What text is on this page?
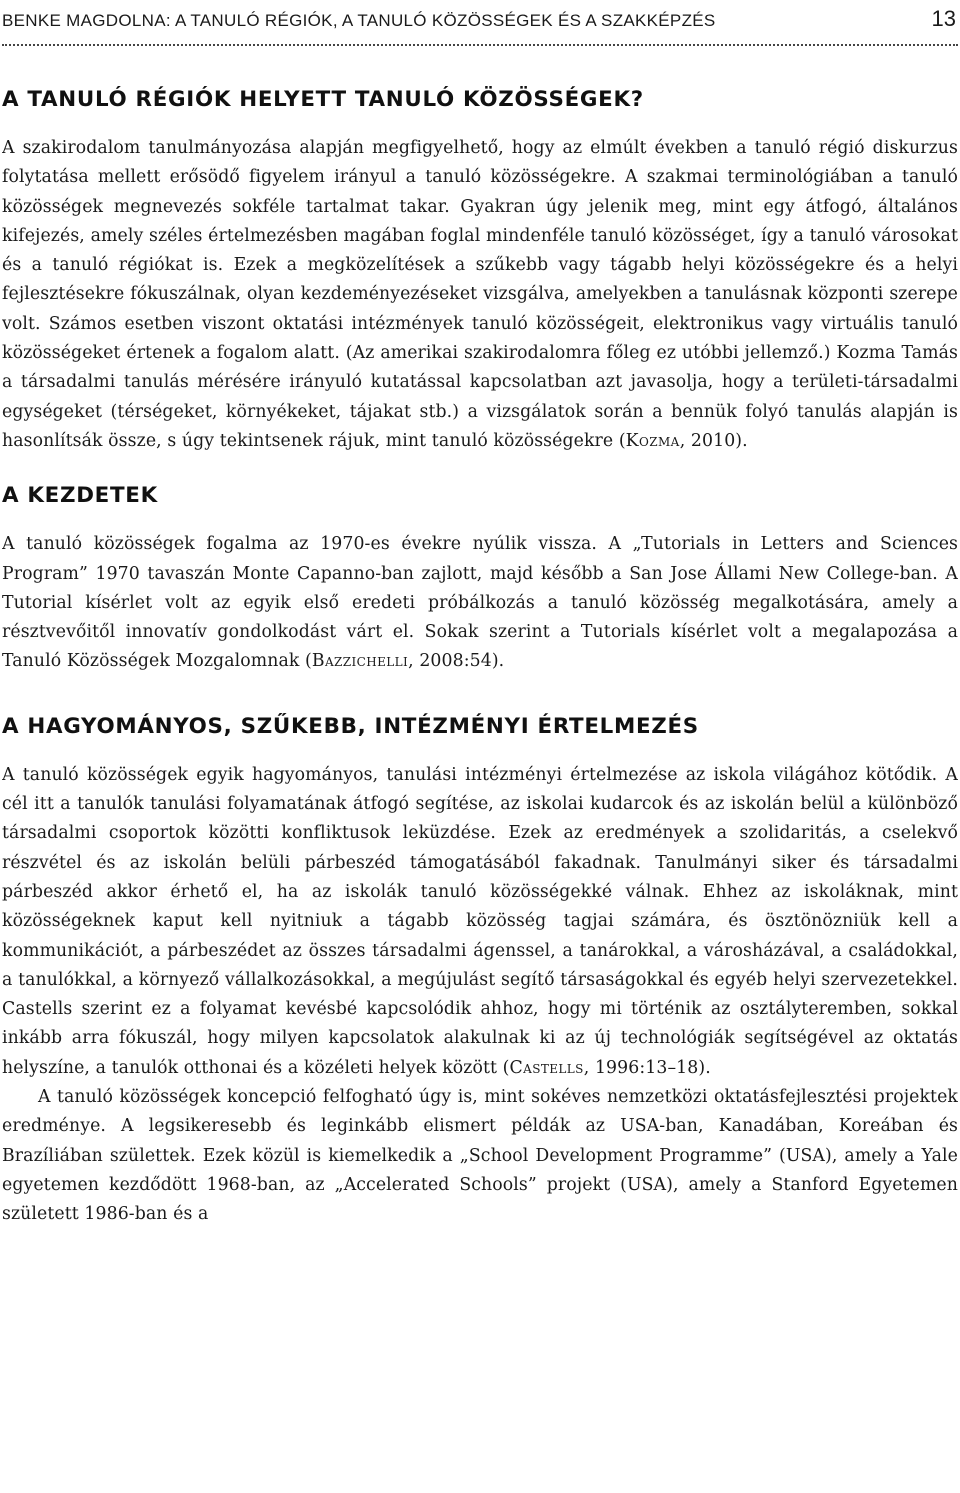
BENKE MAGDOLNA: A TANULÓ RÉGIÓK, A TANULÓ KÖZÖSSÉGEK ÉS A SZAKKÉPZÉS	13
A TANULÓ RÉGIÓK HELYETT TANULÓ KÖZÖSSÉGEK?

A szakirodalom tanulmányozása alapján megfigyelhető, hogy az elmúlt években a tanuló régió diskurzus folytatása mellett erősödő figyelem irányul a tanuló közösségekre. A szakmai terminológiában a tanuló közösségek megnevezés sokféle tartalmat takar. Gyakran úgy jelenik meg, mint egy átfogó, általános kifejezés, amely széles értelmezésben magában foglal mindenféle tanuló közösséget, így a tanuló városokat és a tanuló régiókat is. Ezek a megközelítések a szűkebb vagy tágabb helyi közösségekre és a helyi fejlesztésekre fókuszálnak, olyan kezdeményezéseket vizsgálva, amelyekben a tanulásnak központi szerepe volt. Számos esetben viszont oktatási intézmények tanuló közösségeit, elektronikus vagy virtuális tanuló közösségeket értenek a fogalom alatt. (Az amerikai szakirodalomra főleg ez utóbbi jellemző.) Kozma Tamás a társadalmi tanulás mérésére irányuló kutatással kapcsolatban azt javasolja, hogy a területi-társadalmi egységeket (térségeket, környékeket, tájakat stb.) a vizsgálatok során a bennük folyó tanulás alapján is hasonlítsák össze, s úgy tekintsenek rájuk, mint tanuló közösségekre (Kozma, 2010).

A KEZDETEK

A tanuló közösségek fogalma az 1970-es évekre nyúlik vissza. A „Tutorials in Letters and Sciences Program” 1970 tavaszán Monte Capanno-ban zajlott, majd később a San Jose Állami New College-ban. A Tutorial kísérlet volt az egyik első eredeti próbálkozás a tanuló közösség megalkotására, amely a résztvevőitől innovatív gondolkodást várt el. Sokak szerint a Tutorials kísérlet volt a megalapozása a Tanuló Közösségek Mozgalomnak (Bazzichelli, 2008:54).

A HAGYOMÁNYOS, SZŰKEBB, INTÉZMÉNYI ÉRTELMEZÉS

A tanuló közösségek egyik hagyományos, tanulási intézményi értelmezése az iskola világához kötődik. A cél itt a tanulók tanulási folyamatának átfogó segítése, az iskolai kudarcok és az iskolán belül a különböző társadalmi csoportok közötti konfliktusok leküzdése. Ezek az eredmények a szolidaritás, a cselekvő részvétel és az iskolán belüli párbeszéd támogatásából fakadnak. Tanulmányi siker és társadalmi párbeszéd akkor érhető el, ha az iskolák tanuló közösségekké válnak. Ehhez az iskoláknak, mint közösségeknek kaput kell nyitniuk a tágabb közösség tagjai számára, és ösztönözniük kell a kommunikációt, a párbeszédet az összes társadalmi ágenssel, a tanárokkal, a városházával, a családokkal, a tanulókkal, a környező vállalkozásokkal, a megújulást segítő társaságokkal és egyéb helyi szervezetekkel. Castells szerint ez a folyamat kevésbé kapcsolódik ahhoz, hogy mi történik az osztályteremben, sokkal inkább arra fókuszál, hogy milyen kapcsolatok alakulnak ki az új technológiák segítségével az oktatás helyszíne, a tanulók otthonai és a közéleti helyek között (Castells, 1996:13–18).

A tanuló közösségek koncepció felfogható úgy is, mint sokéves nemzetközi oktatásfejlesztési projektek eredménye. A legsikeresebb és leginkább elismert példák az USA-ban, Kanadában, Koreában és Brazíliában születtek. Ezek közül is kiemelkedik a „School Development Programme” (USA), amely a Yale egyetemen kezdődött 1968-ban, az „Accelerated Schools” projekt (USA), amely a Stanford Egyetemen született 1986-ban és a
